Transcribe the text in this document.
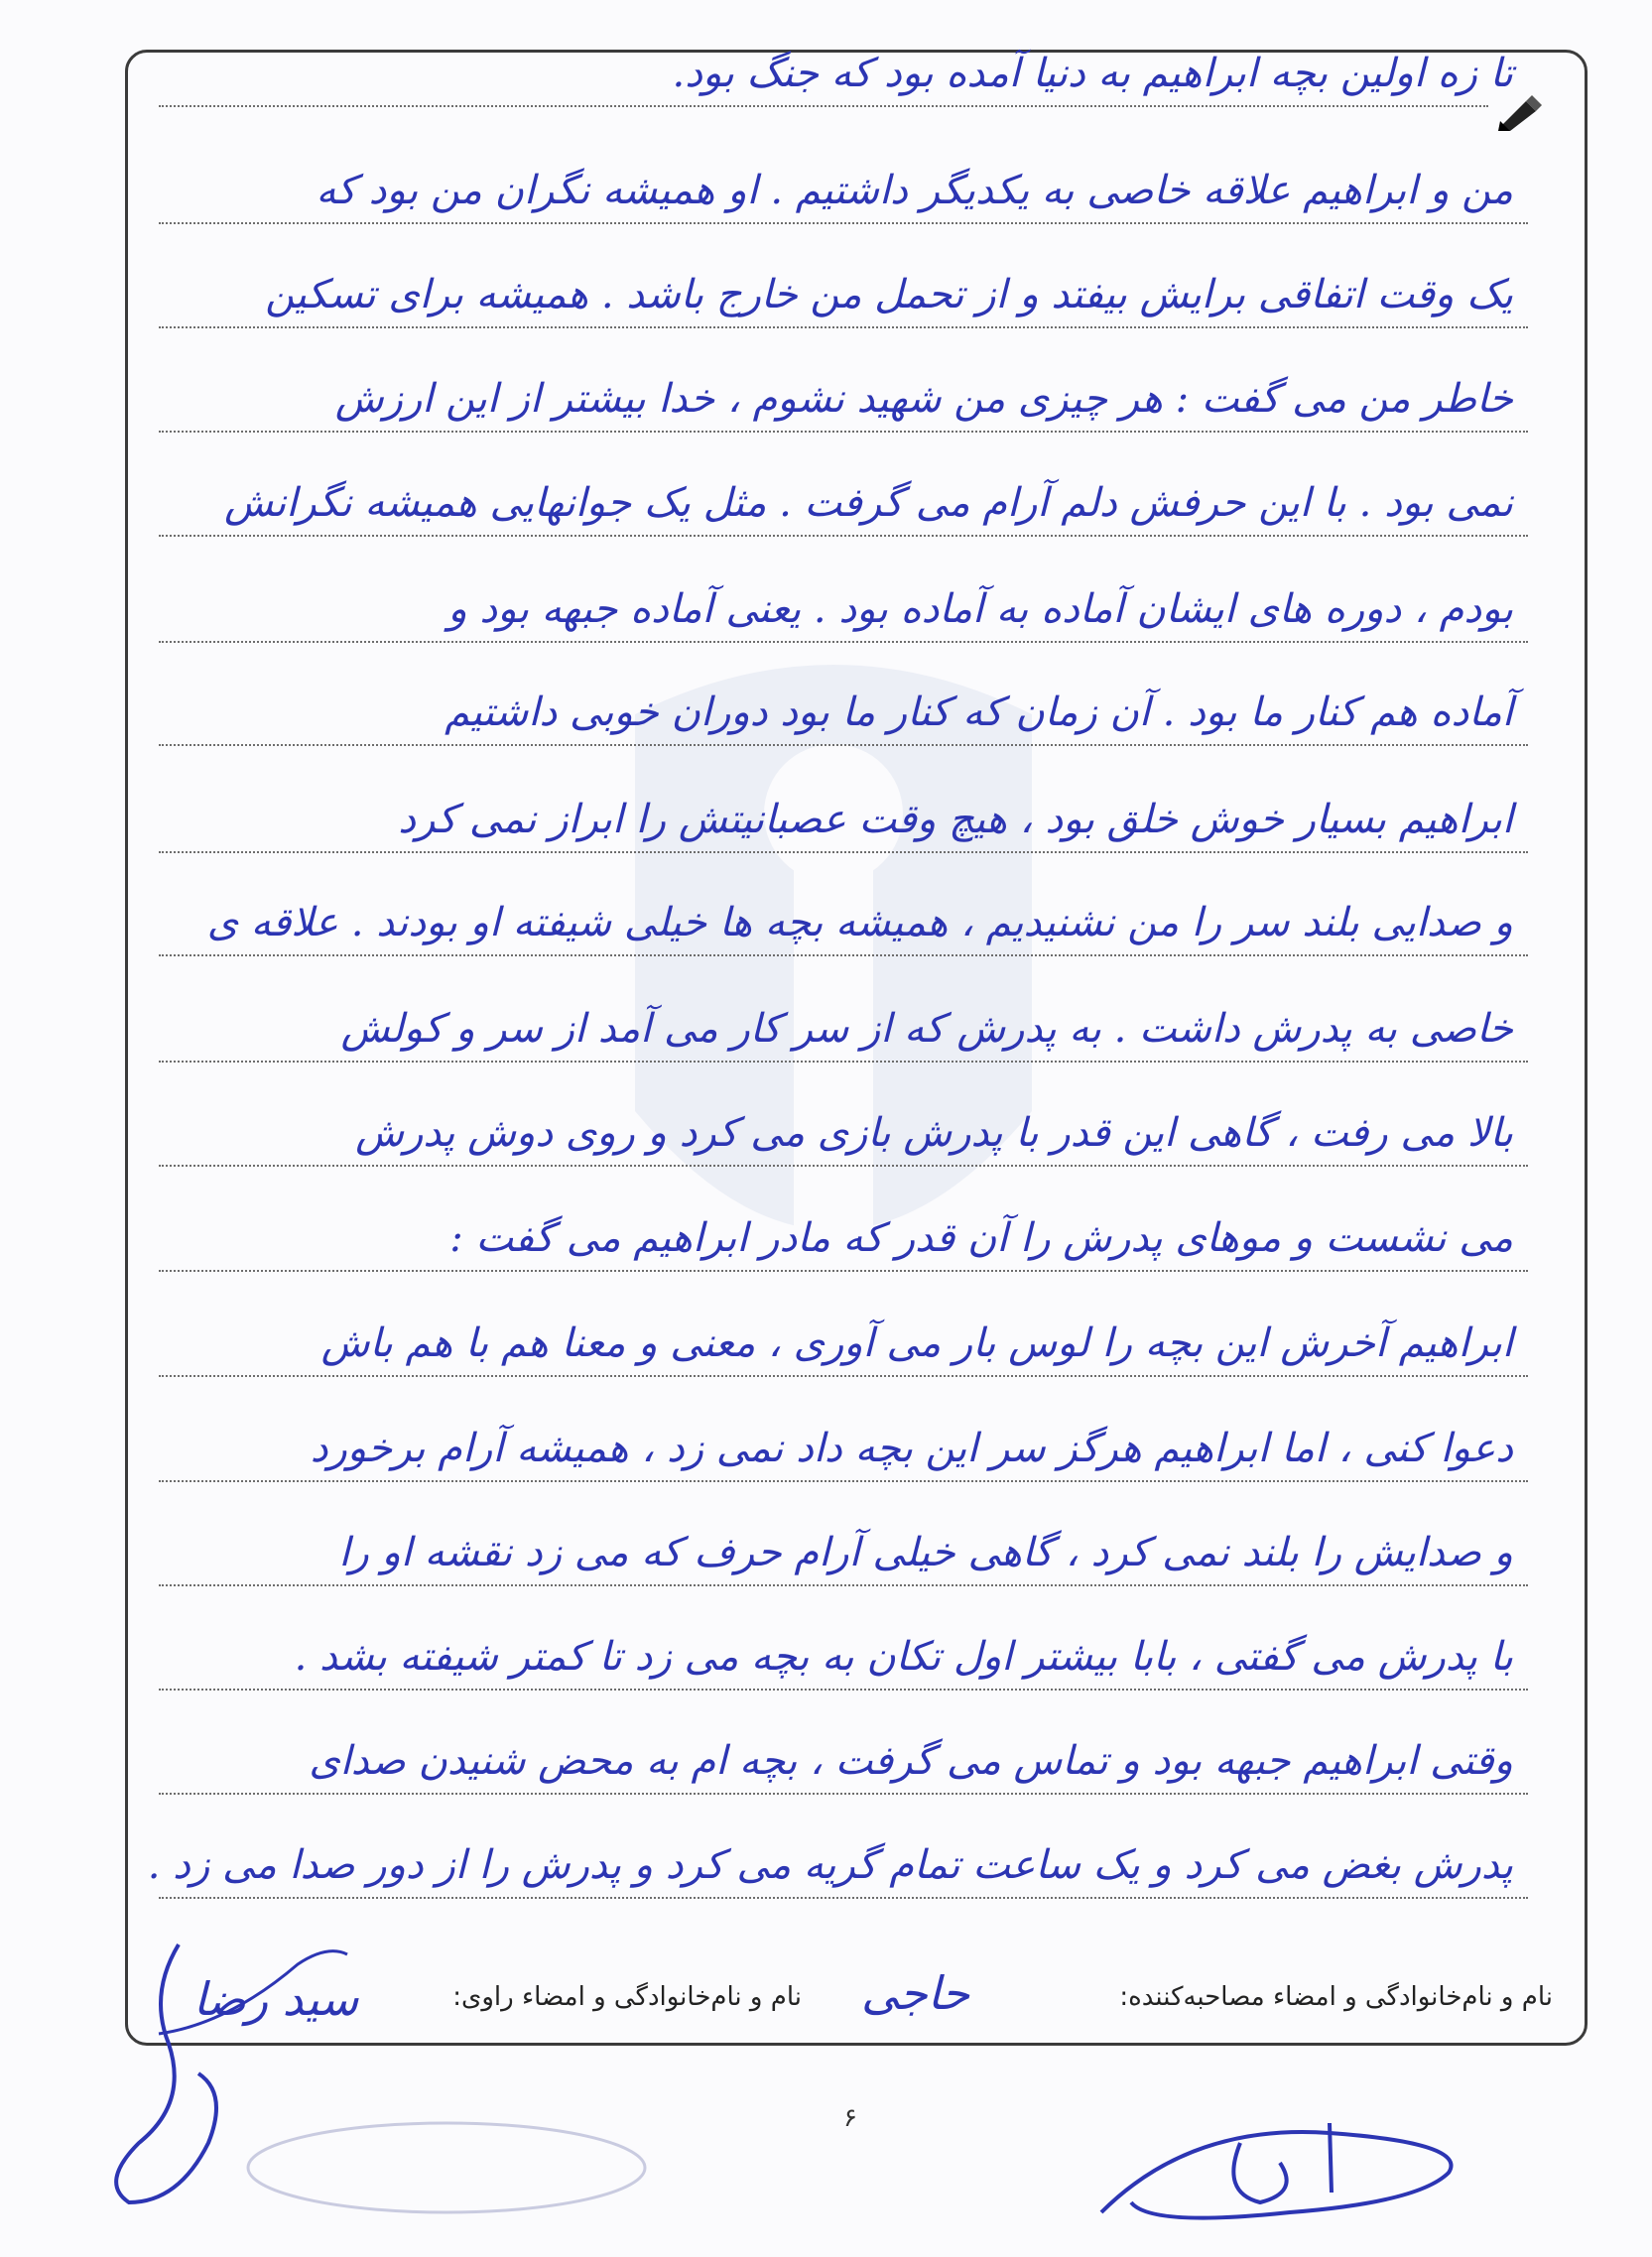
تا زه اولین بچه ابراهیم به دنیا آمده بود که جنگ بود.
من و ابراهیم علاقه خاصی به یکدیگر داشتیم . او همیشه نگران من بود که
یک وقت اتفاقی برایش بیفتد و از تحمل من خارج باشد . همیشه برای تسکین
خاطر من می گفت : هر چیزی من شهید نشوم ، خدا بیشتر از این ارزش
نمی بود . با این حرفش دلم آرام می گرفت . مثل یک جوانهایی همیشه نگرانش
بودم ، دوره های ایشان آماده به آماده بود . یعنی آماده جبهه بود و
آماده هم کنار ما بود . آن زمان که کنار ما بود دوران خوبی داشتیم
ابراهیم بسیار خوش خلق بود ، هیچ وقت عصبانیتش را ابراز نمی کرد
و صدایی بلند سر را من نشنیدیم ، همیشه بچه ها خیلی شیفته او بودند . علاقه ی
خاصی به پدرش داشت . به پدرش که از سر کار می آمد از سر و کولش
بالا می رفت ، گاهی این قدر با پدرش بازی می کرد و روی دوش پدرش
می نشست و موهای پدرش را آن قدر که مادر ابراهیم می گفت :
ابراهیم آخرش این بچه را لوس بار می آوری ، معنی و معنا هم با هم باش
دعوا کنی ، اما ابراهیم هرگز سر این بچه داد نمی زد ، همیشه آرام برخورد
و صدایش را بلند نمی کرد ، گاهی خیلی آرام حرف که می زد نقشه او را
با پدرش می گفتی ، بابا بیشتر اول تکان به بچه می زد تا کمتر شیفته بشد .
وقتی ابراهیم جبهه بود و تماس می گرفت ، بچه ام به محض شنیدن صدای
پدرش بغض می کرد و یک ساعت تمام گریه می کرد و پدرش را از دور صدا می زد .
نام و نام‌خانوادگی و امضاء مصاحبه‌کننده:
حاجی
نام و نام‌خانوادگی و امضاء راوی:
سید رضا
۶
